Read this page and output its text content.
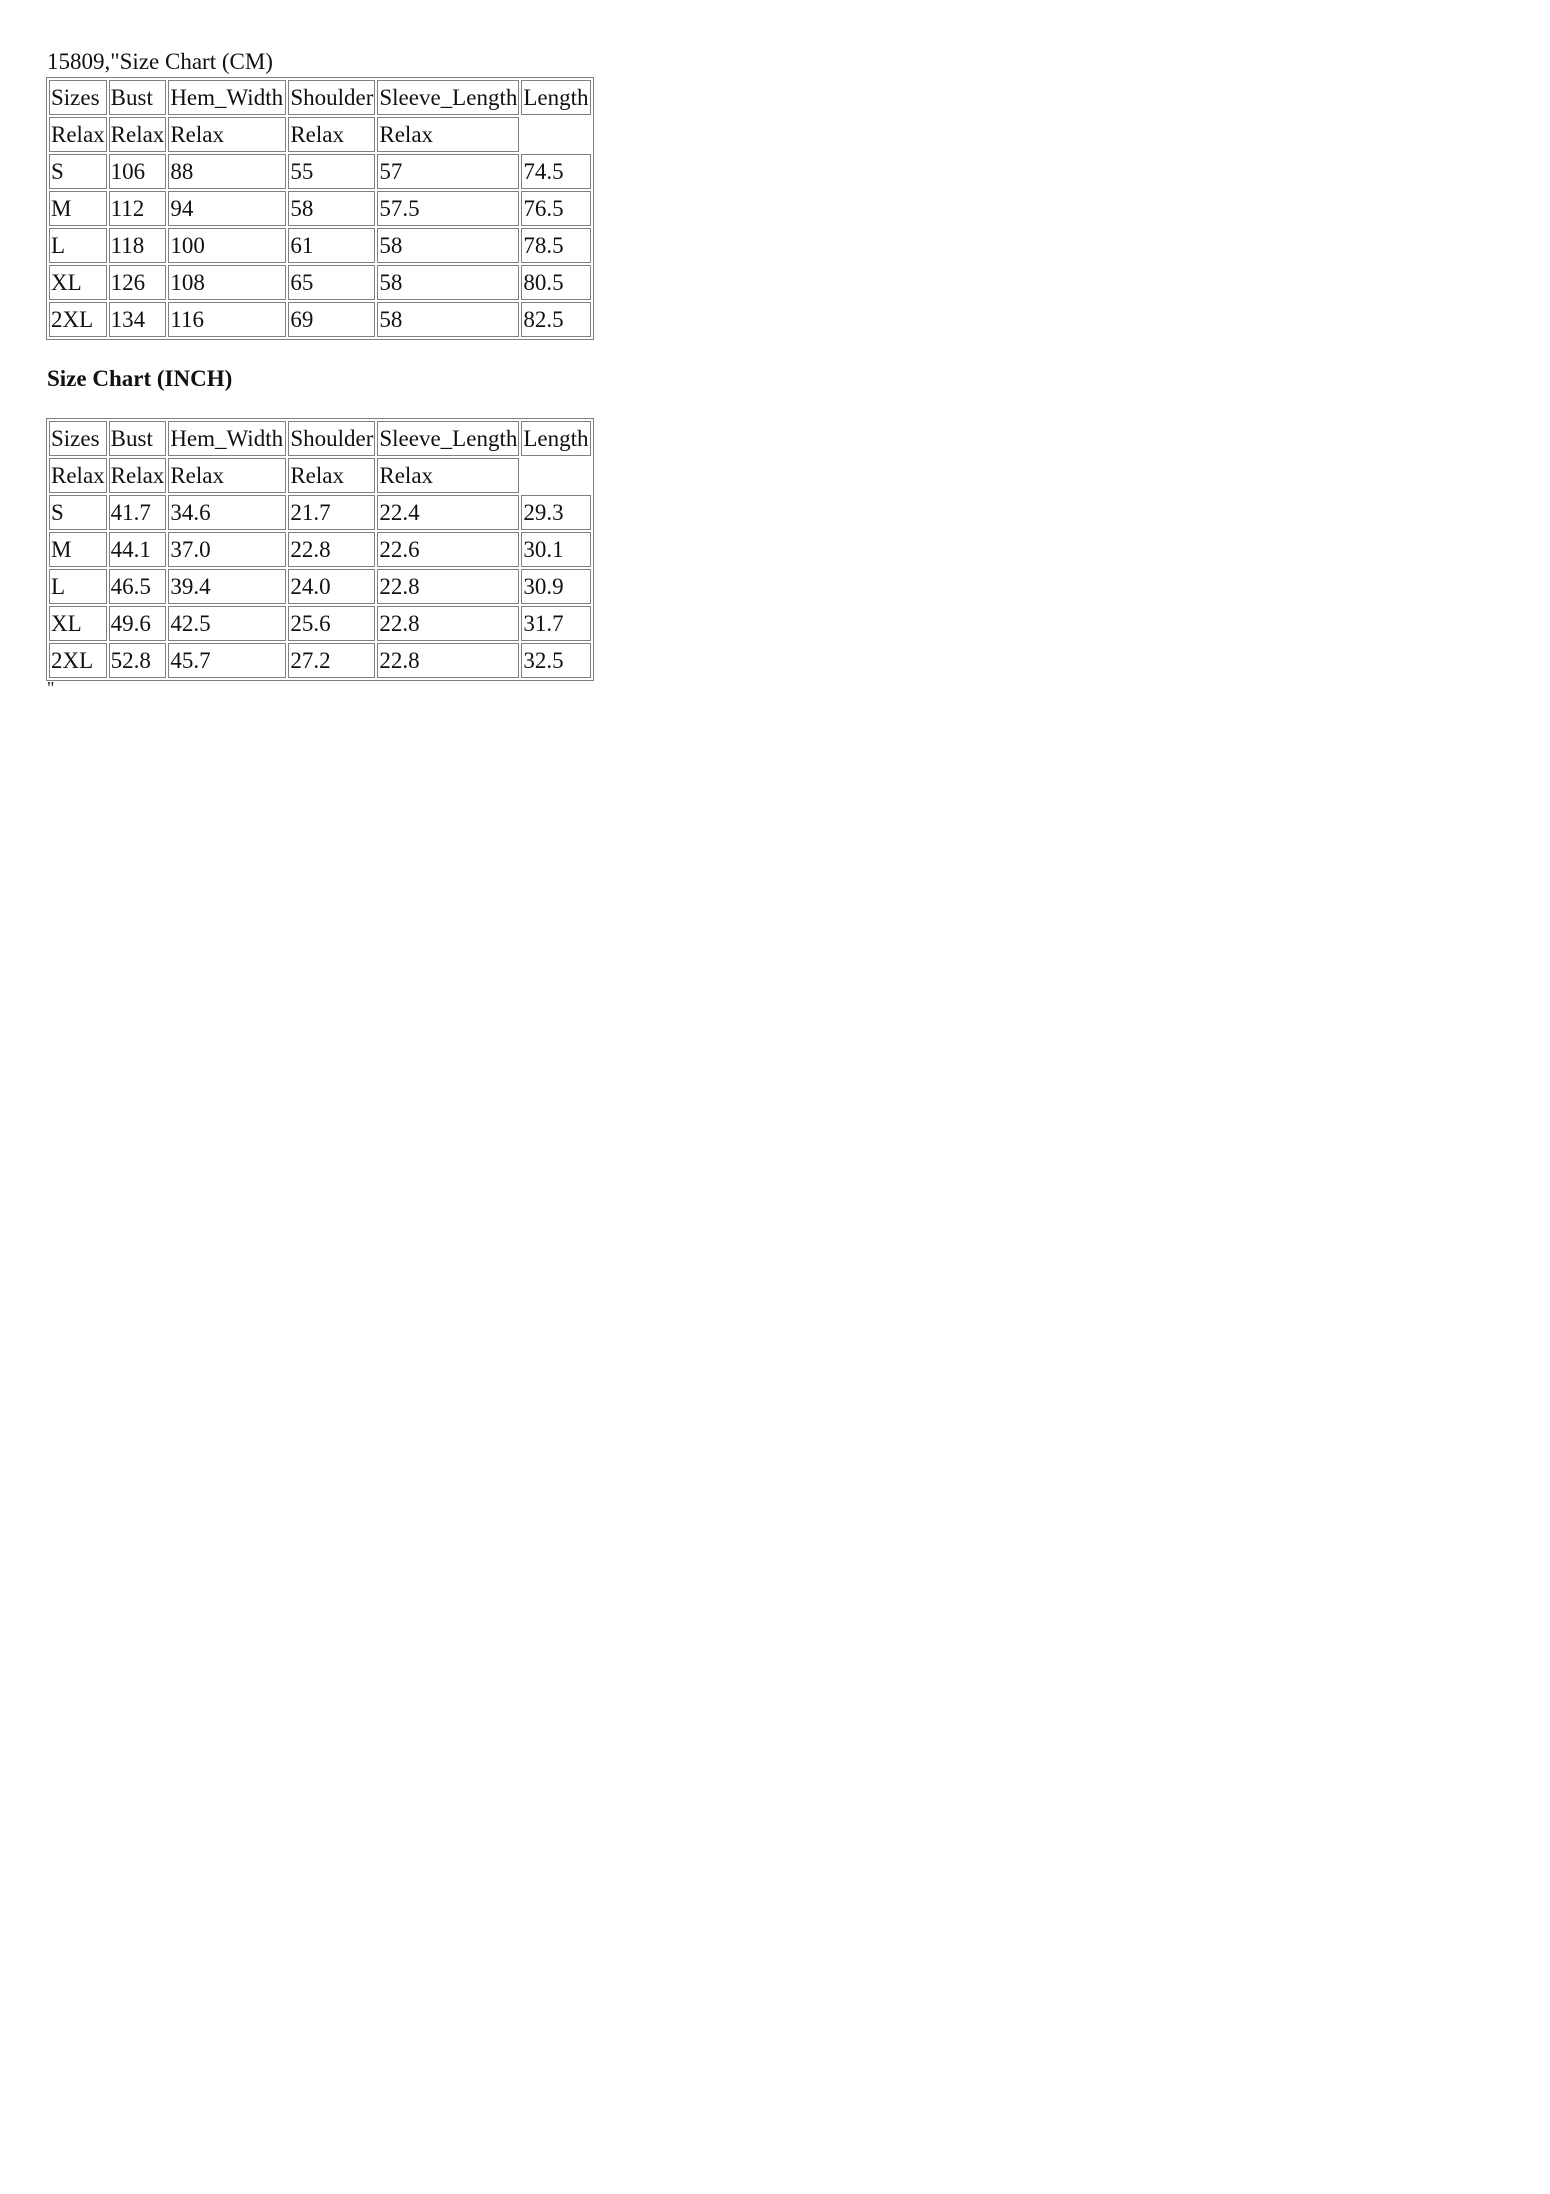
15809,"Size Chart (CM)
Sizes	Bust	Hem_Width	Shoulder	Sleeve_Length	Length
Relax	Relax	Relax	Relax	Relax	
S	106	88	55	57	74.5
M	112	94	58	57.5	76.5
L	118	100	61	58	78.5
XL	126	108	65	58	80.5
2XL	134	116	69	58	82.5
Size Chart (INCH)
Sizes	Bust	Hem_Width	Shoulder	Sleeve_Length	Length
Relax	Relax	Relax	Relax	Relax	
S	41.7	34.6	21.7	22.4	29.3
M	44.1	37.0	22.8	22.6	30.1
L	46.5	39.4	24.0	22.8	30.9
XL	49.6	42.5	25.6	22.8	31.7
2XL	52.8	45.7	27.2	22.8	32.5
"
